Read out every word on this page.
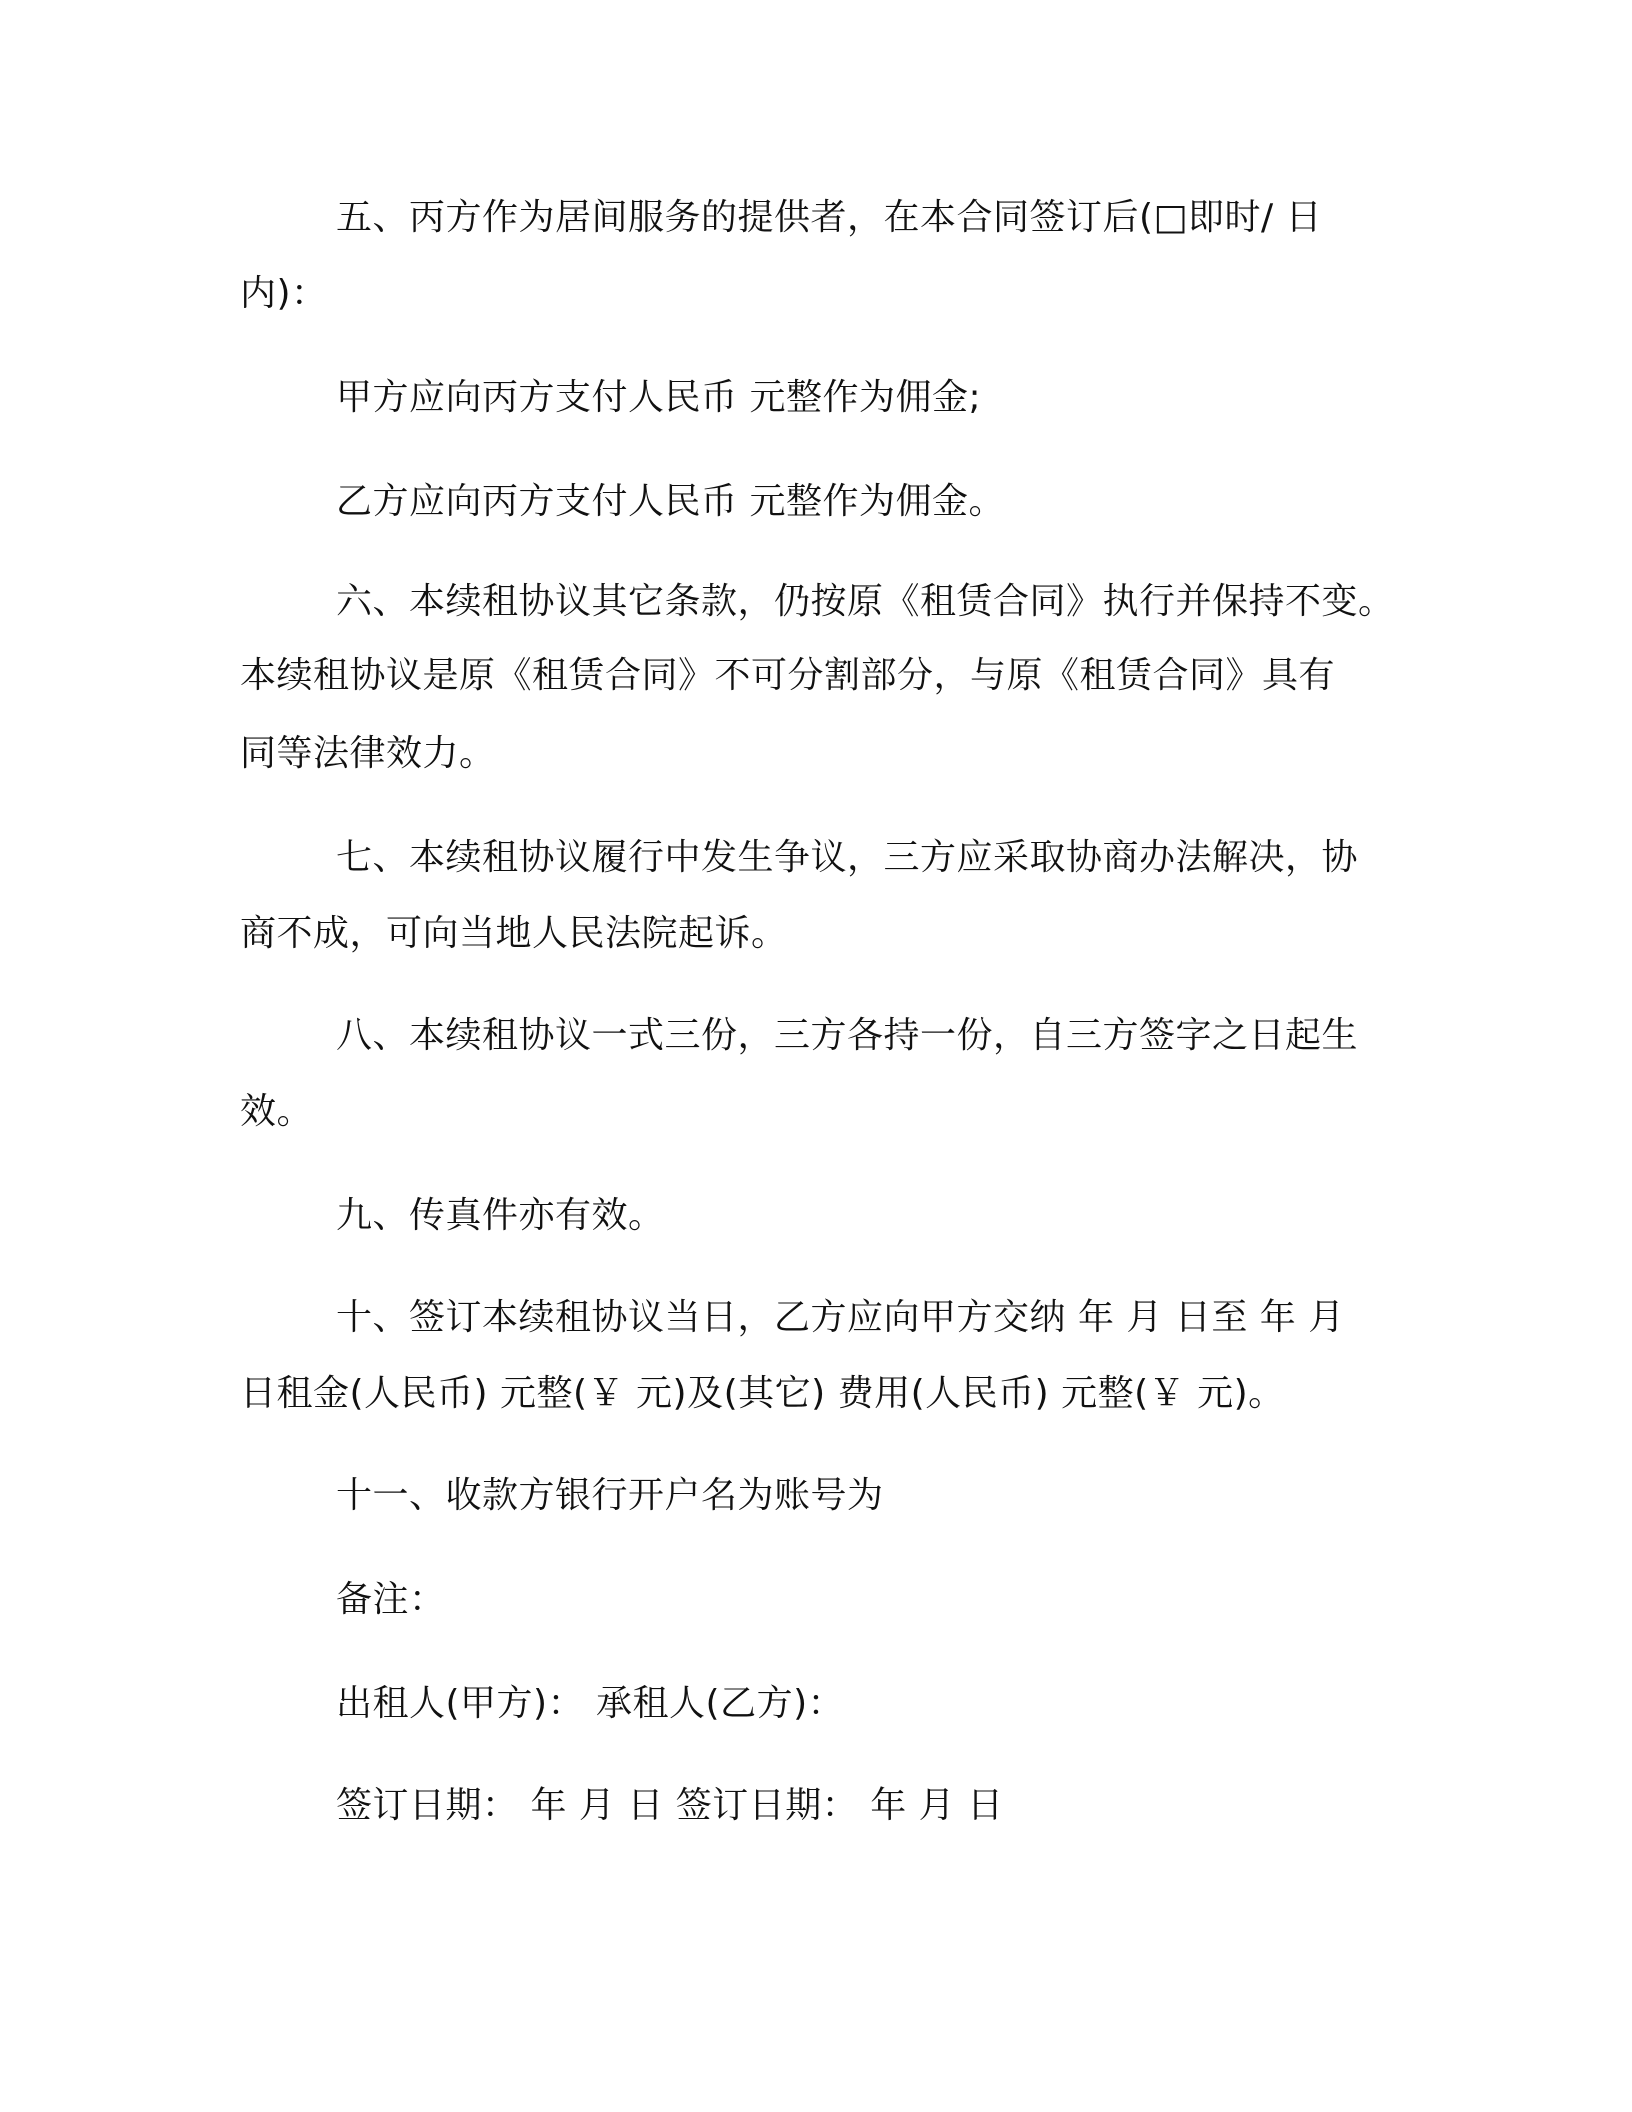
五、丙方作为居间服务的提供者，在本合同签订后(□即时/ 日
内)：
甲方应向丙方支付人民币 元整作为佣金;
乙方应向丙方支付人民币 元整作为佣金。
六、本续租协议其它条款，仍按原《租赁合同》执行并保持不变。
本续租协议是原《租赁合同》不可分割部分，与原《租赁合同》具有
同等法律效力。
七、本续租协议履行中发生争议，三方应采取协商办法解决，协
商不成，可向当地人民法院起诉。
八、本续租协议一式三份，三方各持一份，自三方签字之日起生
效。
九、传真件亦有效。
十、签订本续租协议当日，乙方应向甲方交纳 年 月 日至 年 月
日租金(人民币) 元整(￥ 元)及(其它) 费用(人民币) 元整(￥ 元)。
十一、收款方银行开户名为账号为
备注：
出租人(甲方)： 承租人(乙方)：
签订日期： 年 月 日 签订日期： 年 月 日
